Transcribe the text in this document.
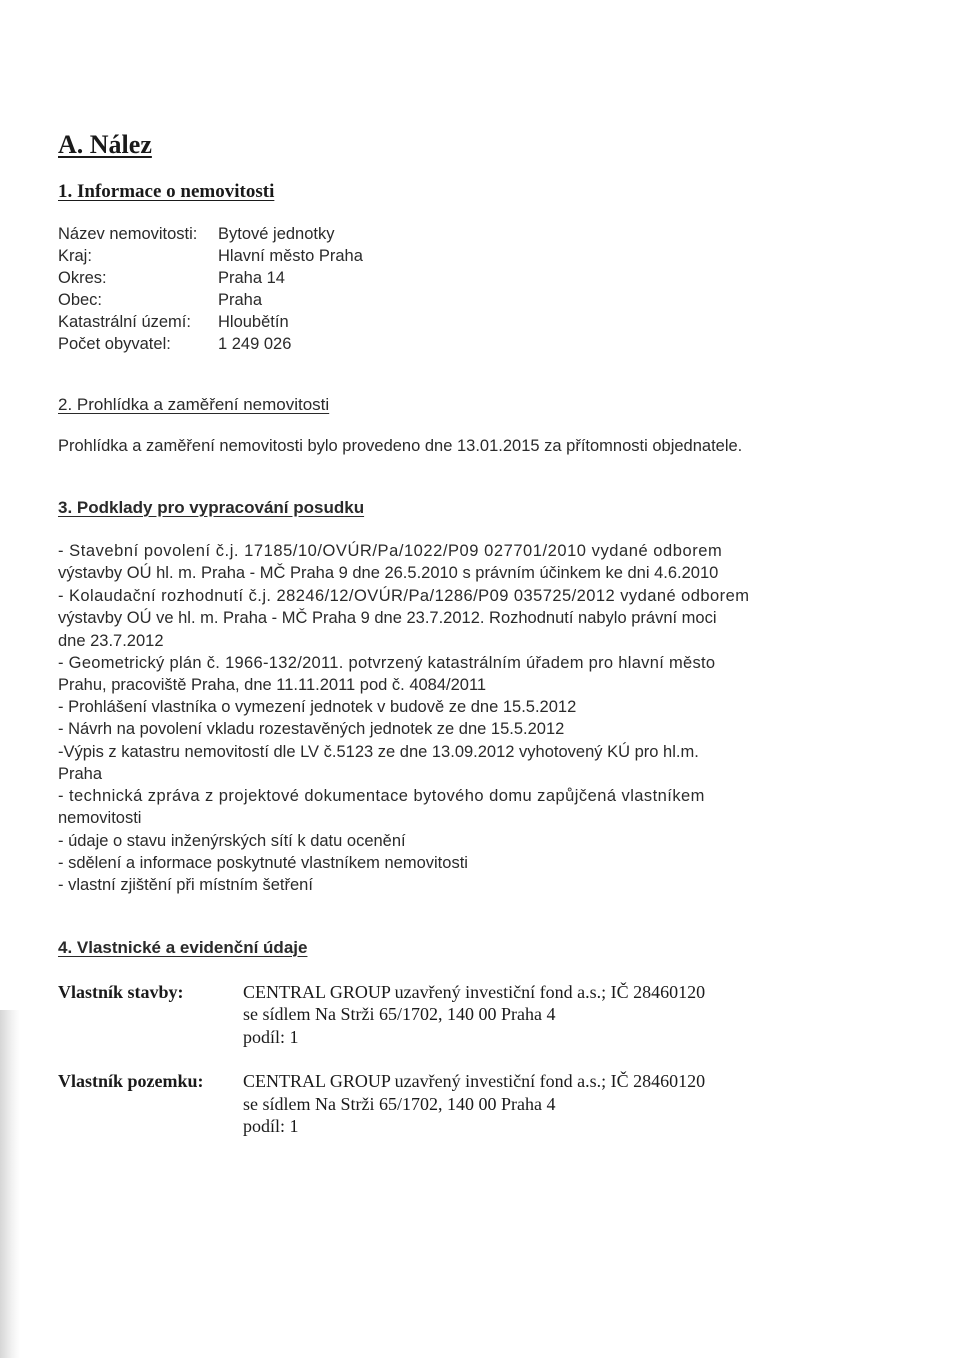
A. Nález
1. Informace o nemovitosti
Název nemovitosti: Bytové jednotky
Kraj:	Hlavní město Praha
Okres:	Praha 14
Obec:	Praha
Katastrální území: Hloubětín
Počet obyvatel:	1 249 026
2. Prohlídka a zaměření nemovitosti
Prohlídka a zaměření nemovitosti bylo provedeno dne 13.01.2015 za přítomnosti objednatele.
3. Podklady pro vypracování posudku
- Stavební povolení č.j. 17185/10/OVÚR/Pa/1022/P09 027701/2010 vydané odborem
výstavby OÚ hl. m. Praha - MČ Praha 9 dne 26.5.2010 s právním účinkem ke dni 4.6.2010
- Kolaudační rozhodnutí č.j. 28246/12/OVÚR/Pa/1286/P09 035725/2012 vydané odborem
výstavby OÚ ve hl. m. Praha - MČ Praha 9 dne 23.7.2012. Rozhodnutí nabylo právní moci
dne 23.7.2012
- Geometrický plán č. 1966-132/2011. potvrzený katastrálním úřadem pro hlavní město
Prahu, pracoviště Praha, dne 11.11.2011 pod č. 4084/2011
- Prohlášení vlastníka o vymezení jednotek v budově ze dne 15.5.2012
- Návrh na povolení vkladu rozestavěných jednotek ze dne 15.5.2012
-Výpis z katastru nemovitostí dle LV č.5123 ze dne 13.09.2012 vyhotovený KÚ pro hl.m.
Praha
- technická zpráva z projektové dokumentace bytového domu zapůjčená vlastníkem
nemovitosti
- údaje o stavu inženýrských sítí k datu ocenění
- sdělení a informace poskytnuté vlastníkem nemovitosti
- vlastní zjištění při místním šetření
4. Vlastnické a evidenční údaje
Vlastník stavby:	CENTRAL GROUP uzavřený investiční fond a.s.; IČ 28460120
se sídlem Na Strži 65/1702, 140 00 Praha 4
podíl: 1
Vlastník pozemku: CENTRAL GROUP uzavřený investiční fond a.s.; IČ 28460120
se sídlem Na Strži 65/1702, 140 00 Praha 4
podíl: 1
